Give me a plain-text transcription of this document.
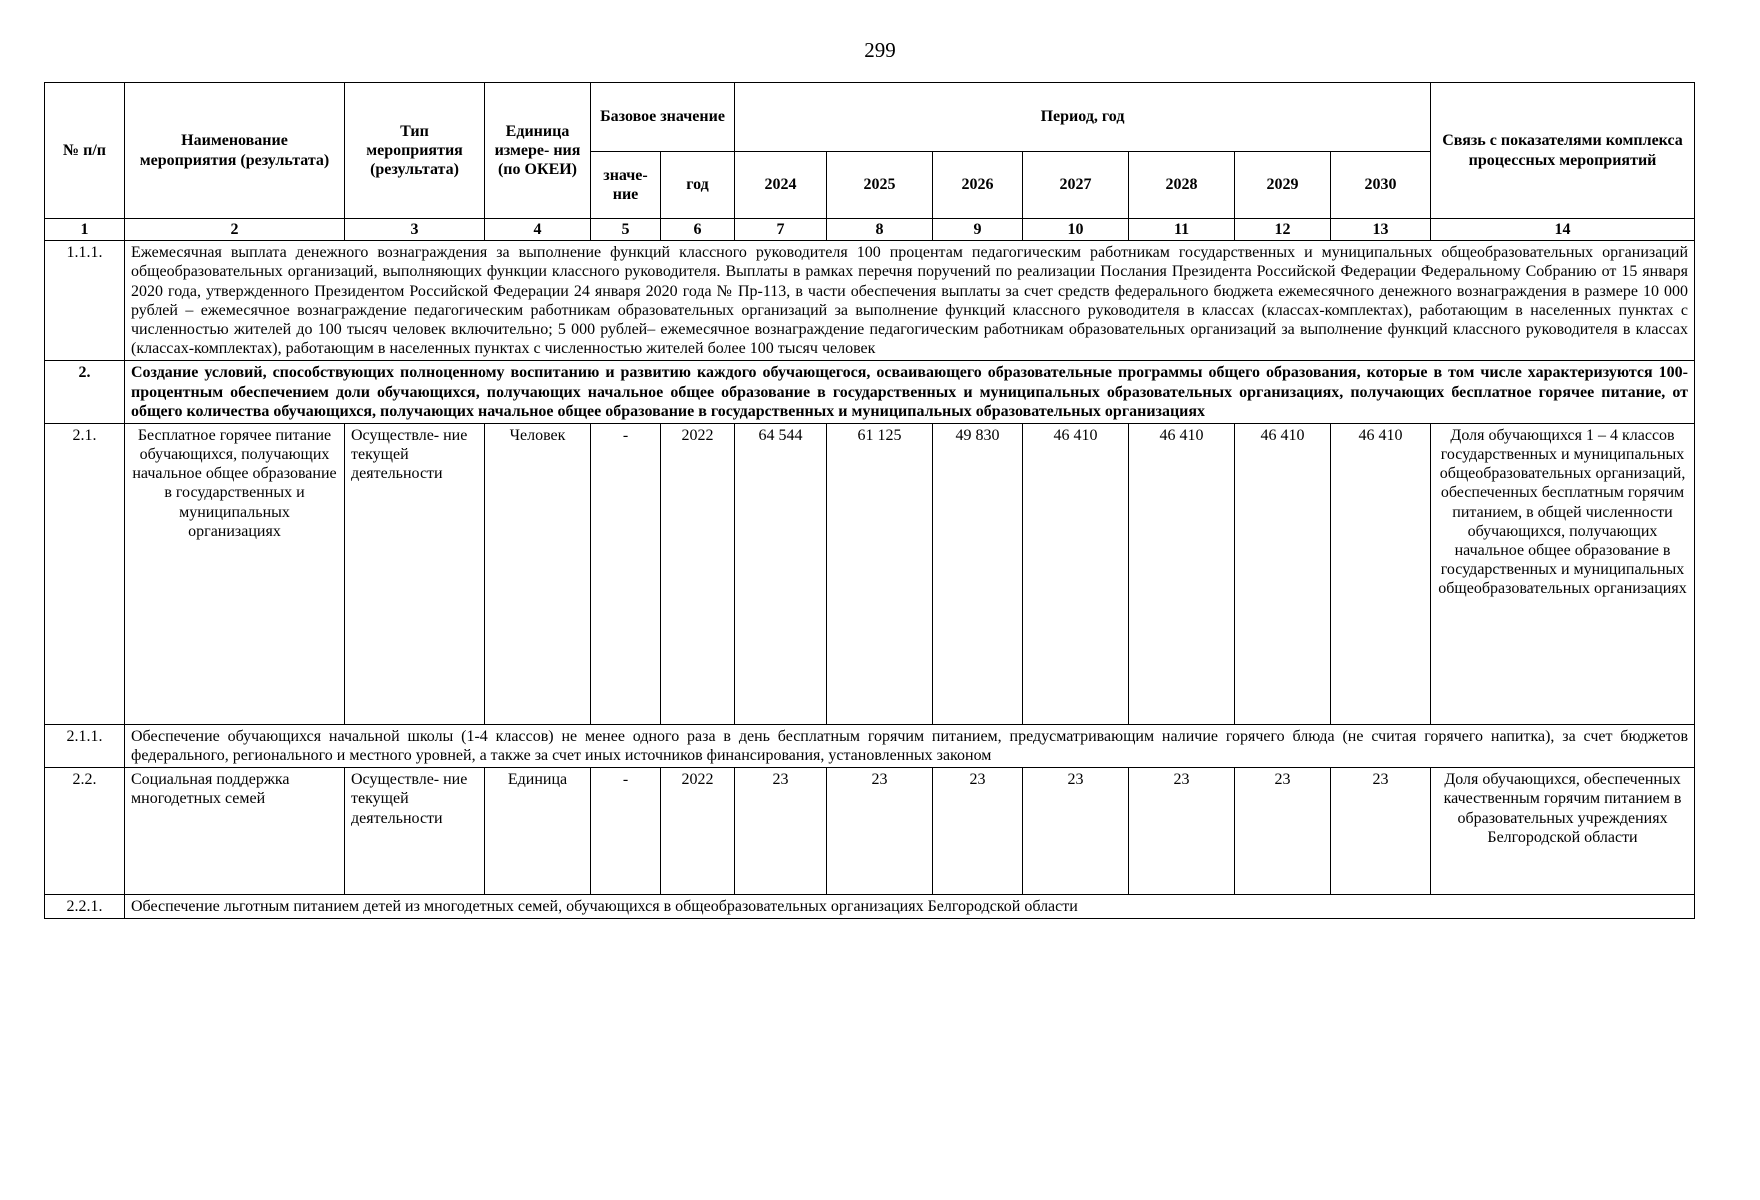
299
№ п/п	Наименование мероприятия (результата)	Тип мероприятия (результата)	Единица измере- ния (по ОКЕИ)	Базовое значение		Период, год							Связь с показателями комплекса процессных мероприятий
				значе- ние	год	2024	2025	2026	2027	2028	2029	2030	
1	2	3	4	5	6	7	8	9	10	11	12	13	14
1.1.1.	Ежемесячная выплата денежного вознаграждения за выполнение функций классного руководителя 100 процентам педагогическим работникам государственных и муниципальных общеобразовательных организаций общеобразовательных организаций, выполняющих функции классного руководителя. Выплаты в рамках перечня поручений по реализации Послания Президента Российской Федерации Федеральному Собранию от 15 января 2020 года, утвержденного Президентом Российской Федерации 24 января 2020 года № Пр-113, в части обеспечения выплаты за счет средств федерального бюджета ежемесячного денежного вознаграждения в размере 10 000 рублей – ежемесячное вознаграждение педагогическим работникам образовательных организаций за выполнение функций классного руководителя в классах (классах-комплектах), работающим в населенных пунктах с численностью жителей до 100 тысяч человек включительно; 5 000 рублей– ежемесячное вознаграждение педагогическим работникам образовательных организаций за выполнение функций классного руководителя в классах (классах-комплектах), работающим в населенных пунктах с численностью жителей более 100 тысяч человек												
2.	Создание условий, способствующих полноценному воспитанию и развитию каждого обучающегося, осваивающего образовательные программы общего образования, которые в том числе характеризуются 100-процентным обеспечением доли обучающихся, получающих начальное общее образование в государственных и муниципальных образовательных организациях, получающих бесплатное горячее питание, от общего количества обучающихся, получающих начальное общее образование в государственных и муниципальных образовательных организациях												
2.1.	Бесплатное горячее питание обучающихся, получающих начальное общее образование в государственных и муниципальных организациях	Осуществле- ние текущей деятельности	Человек	-	2022	64 544	61 125	49 830	46 410	46 410	46 410	46 410	Доля обучающихся 1 – 4 классов государственных и муниципальных общеобразовательных организаций, обеспеченных бесплатным горячим питанием, в общей численности обучающихся, получающих начальное общее образование в государственных и муниципальных общеобразовательных организациях
2.1.1.	Обеспечение обучающихся начальной школы (1-4 классов) не менее одного раза в день бесплатным горячим питанием, предусматривающим наличие горячего блюда (не считая горячего напитка), за счет бюджетов федерального, регионального и местного уровней, а также за счет иных источников финансирования, установленных законом												
2.2.	Социальная поддержка многодетных семей	Осуществле- ние текущей деятельности	Единица	-	2022	23	23	23	23	23	23	23	Доля обучающихся, обеспеченных качественным горячим питанием в образовательных учреждениях Белгородской области
2.2.1.	Обеспечение льготным питанием детей из многодетных семей, обучающихся в общеобразовательных организациях Белгородской области												
